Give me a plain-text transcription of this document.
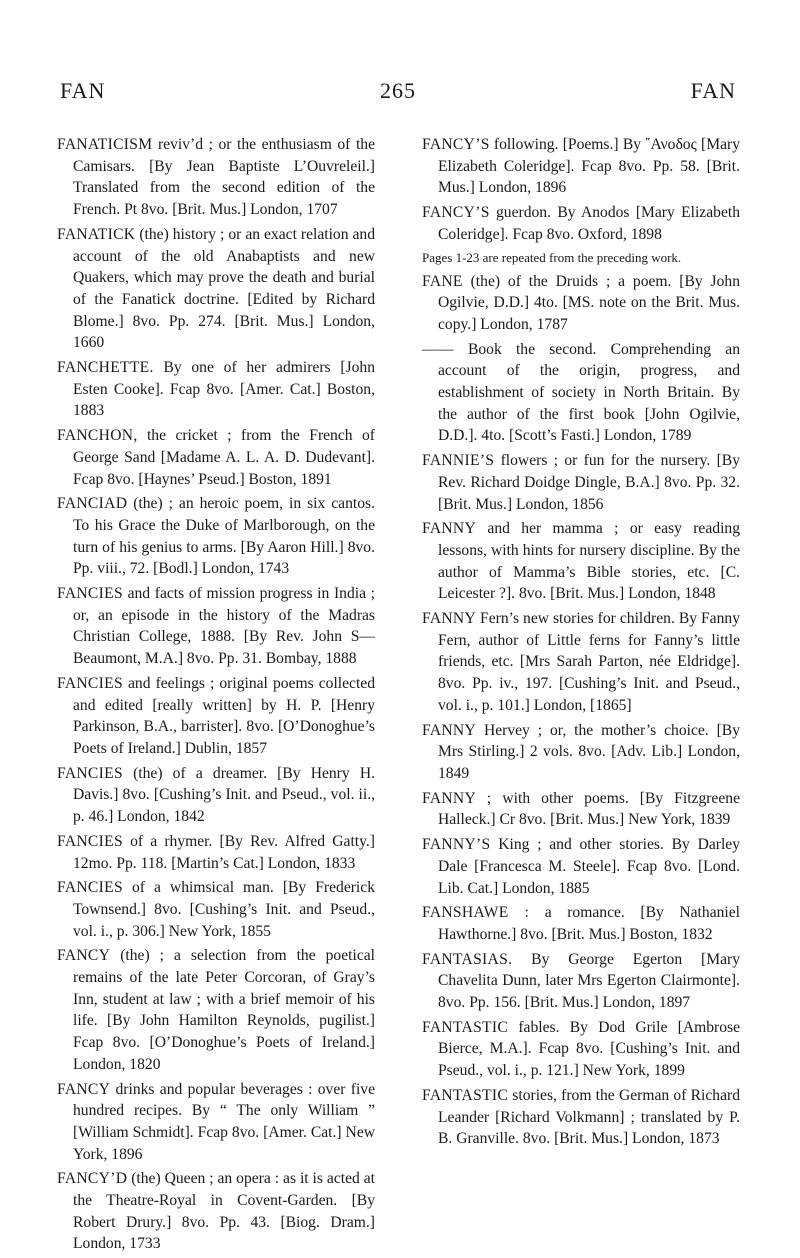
FAN	265	FAN

FANATICISM reviv’d ; or the enthusiasm of the Camisars. [By Jean Baptiste L’Ouvreleil.] Translated from the second edition of the French. Pt 8vo. [Brit. Mus.] London, 1707

FANATICK (the) history ; or an exact relation and account of the old Anabaptists and new Quakers, which may prove the death and burial of the Fanatick doctrine. [Edited by Richard Blome.] 8vo. Pp. 274. [Brit. Mus.] London, 1660

FANCHETTE. By one of her admirers [John Esten Cooke]. Fcap 8vo. [Amer. Cat.] Boston, 1883

FANCHON, the cricket ; from the French of George Sand [Madame A. L. A. D. Dudevant]. Fcap 8vo. [Haynes’ Pseud.] Boston, 1891

FANCIAD (the) ; an heroic poem, in six cantos. To his Grace the Duke of Marlborough, on the turn of his genius to arms. [By Aaron Hill.] 8vo. Pp. viii., 72. [Bodl.] London, 1743

FANCIES and facts of mission progress in India ; or, an episode in the history of the Madras Christian College, 1888. [By Rev. John S— Beaumont, M.A.] 8vo. Pp. 31. Bombay, 1888

FANCIES and feelings ; original poems collected and edited [really written] by H. P. [Henry Parkinson, B.A., barrister]. 8vo. [O’Donoghue’s Poets of Ireland.] Dublin, 1857

FANCIES (the) of a dreamer. [By Henry H. Davis.] 8vo. [Cushing’s Init. and Pseud., vol. ii., p. 46.] London, 1842

FANCIES of a rhymer. [By Rev. Alfred Gatty.] 12mo. Pp. 118. [Martin’s Cat.] London, 1833

FANCIES of a whimsical man. [By Frederick Townsend.] 8vo. [Cushing’s Init. and Pseud., vol. i., p. 306.] New York, 1855

FANCY (the) ; a selection from the poetical remains of the late Peter Corcoran, of Gray’s Inn, student at law ; with a brief memoir of his life. [By John Hamilton Reynolds, pugilist.] Fcap 8vo. [O’Donoghue’s Poets of Ireland.] London, 1820

FANCY drinks and popular beverages : over five hundred recipes. By “ The only William ” [William Schmidt]. Fcap 8vo. [Amer. Cat.] New York, 1896

FANCY’D (the) Queen ; an opera : as it is acted at the Theatre-Royal in Covent-Garden. [By Robert Drury.] 8vo. Pp. 43. [Biog. Dram.] London, 1733

FANCY’S following. [Poems.] By ῎Ανοδος [Mary Elizabeth Coleridge]. Fcap 8vo. Pp. 58. [Brit. Mus.] London, 1896

FANCY’S guerdon. By Anodos [Mary Elizabeth Coleridge]. Fcap 8vo. Oxford, 1898

Pages 1-23 are repeated from the preceding work.

FANE (the) of the Druids ; a poem. [By John Ogilvie, D.D.] 4to. [MS. note on the Brit. Mus. copy.] London, 1787

—— Book the second. Comprehending an account of the origin, progress, and establishment of society in North Britain. By the author of the first book [John Ogilvie, D.D.]. 4to. [Scott’s Fasti.] London, 1789

FANNIE’S flowers ; or fun for the nursery. [By Rev. Richard Doidge Dingle, B.A.] 8vo. Pp. 32. [Brit. Mus.] London, 1856

FANNY and her mamma ; or easy reading lessons, with hints for nursery discipline. By the author of Mamma’s Bible stories, etc. [C. Leicester ?]. 8vo. [Brit. Mus.] London, 1848

FANNY Fern’s new stories for children. By Fanny Fern, author of Little ferns for Fanny’s little friends, etc. [Mrs Sarah Parton, née Eldridge]. 8vo. Pp. iv., 197. [Cushing’s Init. and Pseud., vol. i., p. 101.] London, [1865]

FANNY Hervey ; or, the mother’s choice. [By Mrs Stirling.] 2 vols. 8vo. [Adv. Lib.] London, 1849

FANNY ; with other poems. [By Fitzgreene Halleck.] Cr 8vo. [Brit. Mus.] New York, 1839

FANNY’S King ; and other stories. By Darley Dale [Francesca M. Steele]. Fcap 8vo. [Lond. Lib. Cat.] London, 1885

FANSHAWE : a romance. [By Nathaniel Hawthorne.] 8vo. [Brit. Mus.] Boston, 1832

FANTASIAS. By George Egerton [Mary Chavelita Dunn, later Mrs Egerton Clairmonte]. 8vo. Pp. 156. [Brit. Mus.] London, 1897

FANTASTIC fables. By Dod Grile [Ambrose Bierce, M.A.]. Fcap 8vo. [Cushing’s Init. and Pseud., vol. i., p. 121.] New York, 1899

FANTASTIC stories, from the German of Richard Leander [Richard Volkmann] ; translated by P. B. Granville. 8vo. [Brit. Mus.] London, 1873
